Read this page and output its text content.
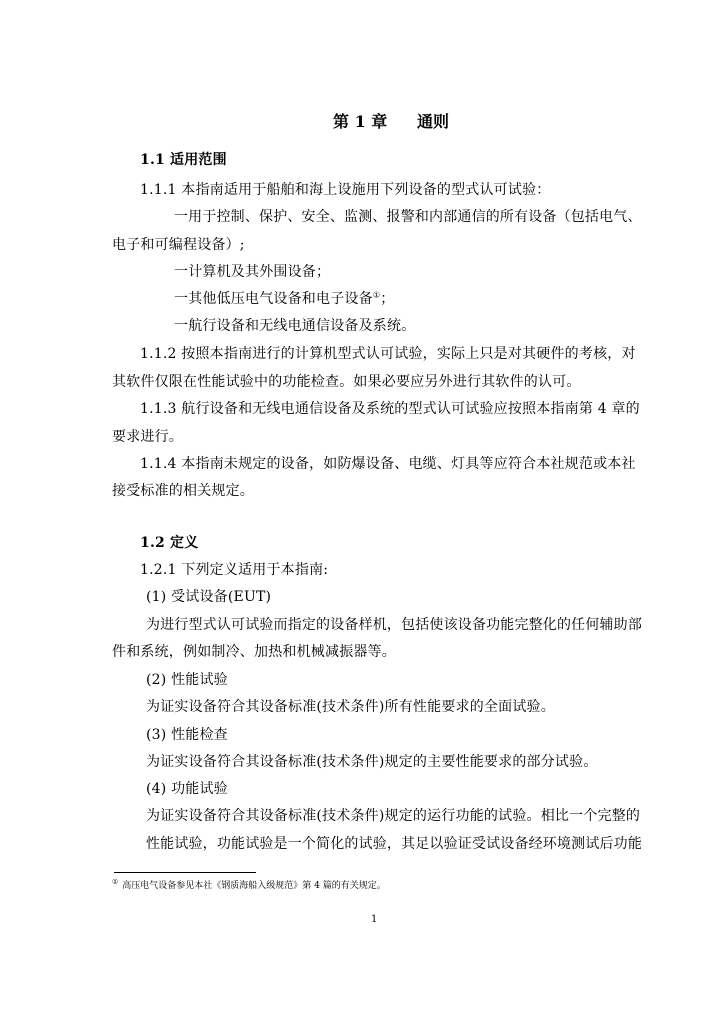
第 1 章 通则
1.1 适用范围
1.1.1 本指南适用于船舶和海上设施用下列设备的型式认可试验：
一用于控制、保护、安全、监测、报警和内部通信的所有设备（包括电气、
电子和可编程设备）;
一计算机及其外围设备；
一其他低压电气设备和电子设备①；
一航行设备和无线电通信设备及系统。
1.1.2 按照本指南进行的计算机型式认可试验，实际上只是对其硬件的考核，对
其软件仅限在性能试验中的功能检查。如果必要应另外进行其软件的认可。
1.1.3 航行设备和无线电通信设备及系统的型式认可试验应按照本指南第 4 章的
要求进行。
1.1.4 本指南未规定的设备，如防爆设备、电缆、灯具等应符合本社规范或本社
接受标准的相关规定。
1.2 定义
1.2.1 下列定义适用于本指南:
(1) 受试设备(EUT)
为进行型式认可试验而指定的设备样机，包括使该设备功能完整化的任何辅助部
件和系统，例如制冷、加热和机械减振器等。
(2) 性能试验
为证实设备符合其设备标准(技术条件)所有性能要求的全面试验。
(3) 性能检查
为证实设备符合其设备标准(技术条件)规定的主要性能要求的部分试验。
(4) 功能试验
为证实设备符合其设备标准(技术条件)规定的运行功能的试验。相比一个完整的
性能试验，功能试验是一个简化的试验，其足以验证受试设备经环境测试后功能
① 高压电气设备参见本社《钢质海船入级规范》第 4 篇的有关规定。
1
